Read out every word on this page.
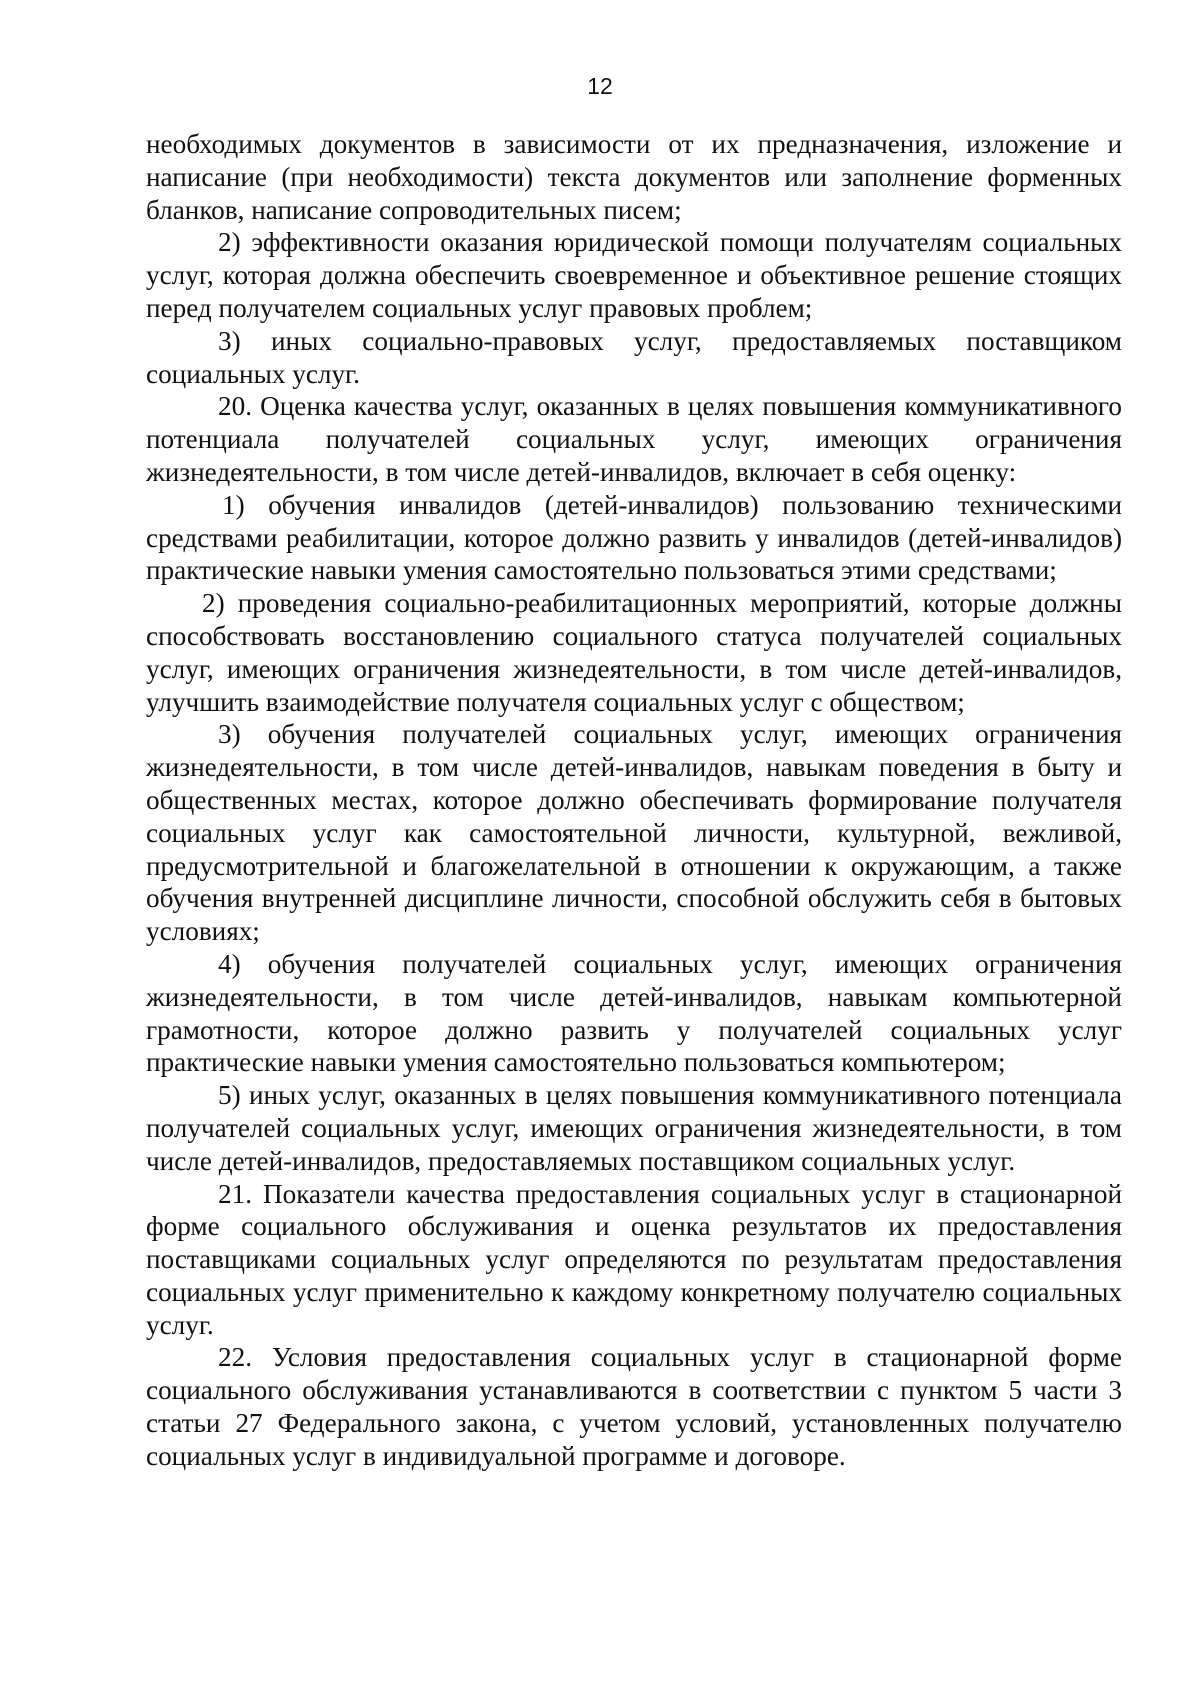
12

необходимых документов в зависимости от их предназначения, изложение и написание (при необходимости) текста документов или заполнение форменных бланков, написание сопроводительных писем;

2) эффективности оказания юридической помощи получателям социальных услуг, которая должна обеспечить своевременное и объективное решение стоящих перед получателем социальных услуг правовых проблем;

3) иных социально-правовых услуг, предоставляемых поставщиком социальных услуг.

20. Оценка качества услуг, оказанных в целях повышения коммуникативного потенциала получателей социальных услуг, имеющих ограничения жизнедеятельности, в том числе детей-инвалидов, включает в себя оценку:

1) обучения инвалидов (детей-инвалидов) пользованию техническими средствами реабилитации, которое должно развить у инвалидов (детей-инвалидов) практические навыки умения самостоятельно пользоваться этими средствами;

2) проведения социально-реабилитационных мероприятий, которые должны способствовать восстановлению социального статуса получателей социальных услуг, имеющих ограничения жизнедеятельности, в том числе детей-инвалидов, улучшить взаимодействие получателя социальных услуг с обществом;

3) обучения получателей социальных услуг, имеющих ограничения жизнедеятельности, в том числе детей-инвалидов, навыкам поведения в быту и общественных местах, которое должно обеспечивать формирование получателя социальных услуг как самостоятельной личности, культурной, вежливой, предусмотрительной и благожелательной в отношении к окружающим, а также обучения внутренней дисциплине личности, способной обслужить себя в бытовых условиях;

4) обучения получателей социальных услуг, имеющих ограничения жизнедеятельности, в том числе детей-инвалидов, навыкам компьютерной грамотности, которое должно развить у получателей социальных услуг практические навыки умения самостоятельно пользоваться компьютером;

5) иных услуг, оказанных в целях повышения коммуникативного потенциала получателей социальных услуг, имеющих ограничения жизнедеятельности, в том числе детей-инвалидов, предоставляемых поставщиком социальных услуг.

21. Показатели качества предоставления социальных услуг в стационарной форме социального обслуживания и оценка результатов их предоставления поставщиками социальных услуг определяются по результатам предоставления социальных услуг применительно к каждому конкретному получателю социальных услуг.

22. Условия предоставления социальных услуг в стационарной форме социального обслуживания устанавливаются в соответствии с пунктом 5 части 3 статьи 27 Федерального закона, с учетом условий, установленных получателю социальных услуг в индивидуальной программе и договоре.
